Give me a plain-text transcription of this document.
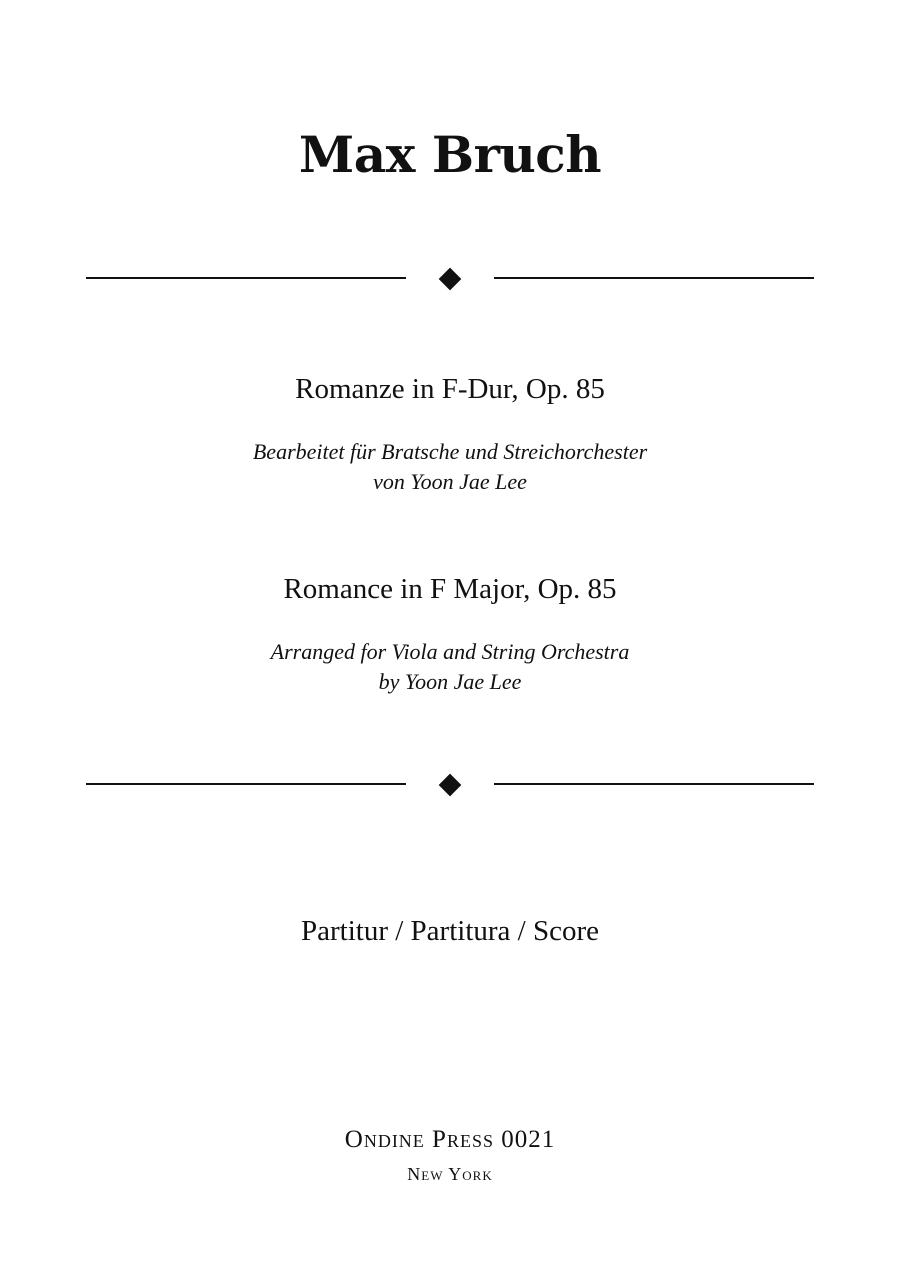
Max Bruch
Romanze in F-Dur, Op. 85
Bearbeitet für Bratsche und Streichorchester
von Yoon Jae Lee
Romance in F Major, Op. 85
Arranged for Viola and String Orchestra
by Yoon Jae Lee
Partitur / Partitura / Score
Ondine Press 0021
New York
